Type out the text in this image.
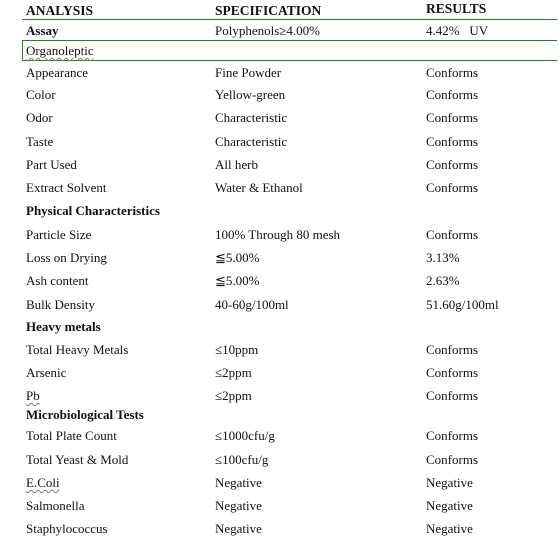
ANALYSIS	SPECIFICATION	RESULTS
Assay	Polyphenols≥4.00%	4.42%   UV
Organoleptic
Appearance	Fine Powder	Conforms
Color	Yellow-green	Conforms
Odor	Characteristic	Conforms
Taste	Characteristic	Conforms
Part Used	All herb	Conforms
Extract Solvent	Water & Ethanol	Conforms
Physical Characteristics
Particle Size	100% Through 80 mesh	Conforms
Loss on Drying	≦5.00%	3.13%
Ash content	≦5.00%	2.63%
Bulk Density	40-60g/100ml	51.60g/100ml
Heavy metals
Total Heavy Metals	≤10ppm	Conforms
Arsenic	≤2ppm	Conforms
Pb	≤2ppm	Conforms
Microbiological Tests
Total Plate Count	≤1000cfu/g	Conforms
Total Yeast & Mold	≤100cfu/g	Conforms
E.Coli	Negative	Negative
Salmonella	Negative	Negative
Staphylococcus	Negative	Negative
